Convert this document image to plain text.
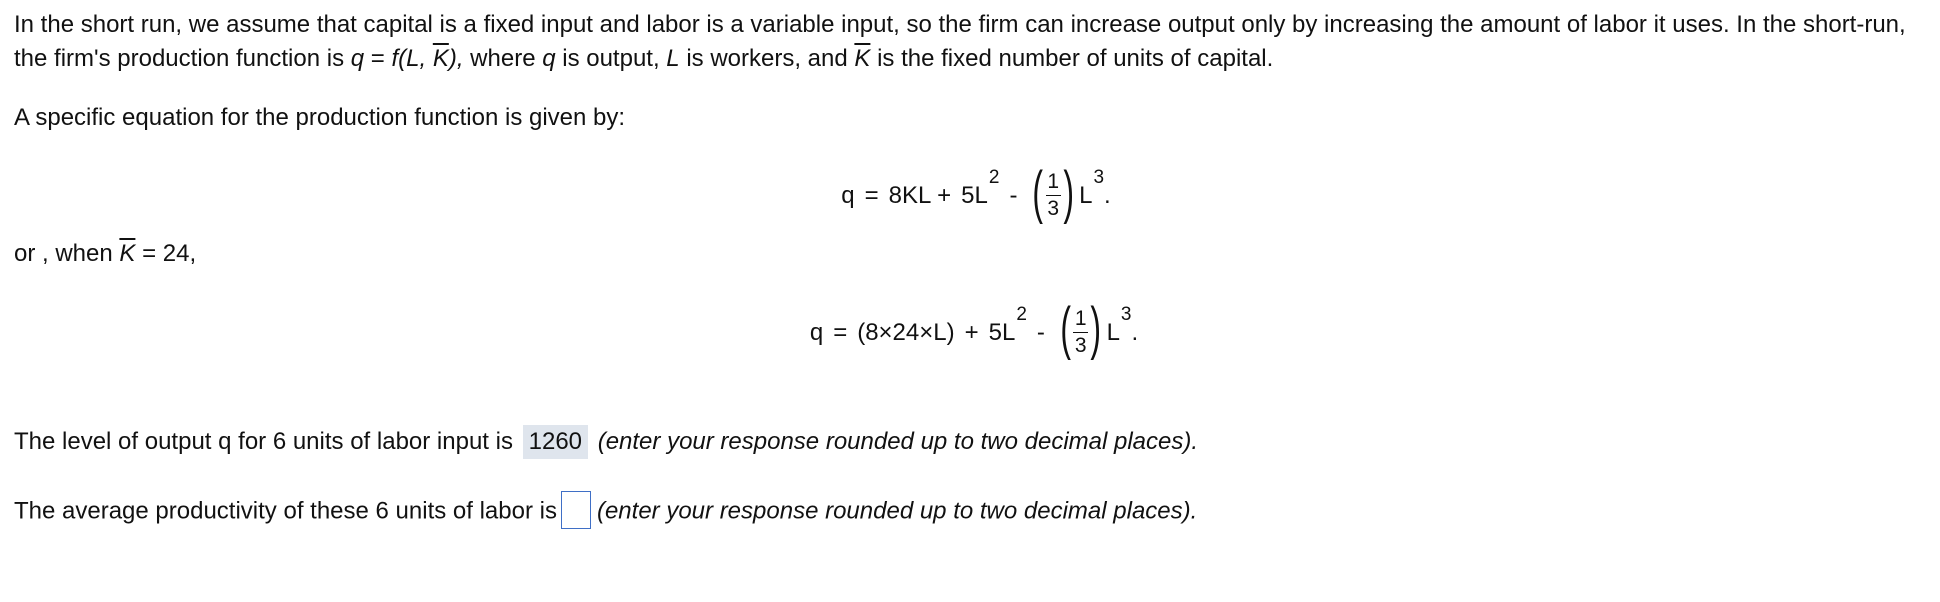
In the short run, we assume that capital is a fixed input and labor is a variable input, so the firm can increase output only by increasing the amount of labor it uses. In the short-run, the firm's production function is q = f(L, $\overline{K}$), where q is output, L is workers, and $\overline{K}$ is the fixed number of units of capital.

A specific equation for the production function is given by:

q = 8KL + 5L
2
- ( $\frac{1}{3}$ ) L
3
.

or , when $\overline{K} = 24$,

q = (8×24×L) + 5L
2
- ( $\frac{1}{3}$ ) L
3
.

The level of output q for 6 units of labor input is 1260 (enter your response rounded up to two decimal places).

The average productivity of these 6 units of labor is (enter your response rounded up to two decimal places).
